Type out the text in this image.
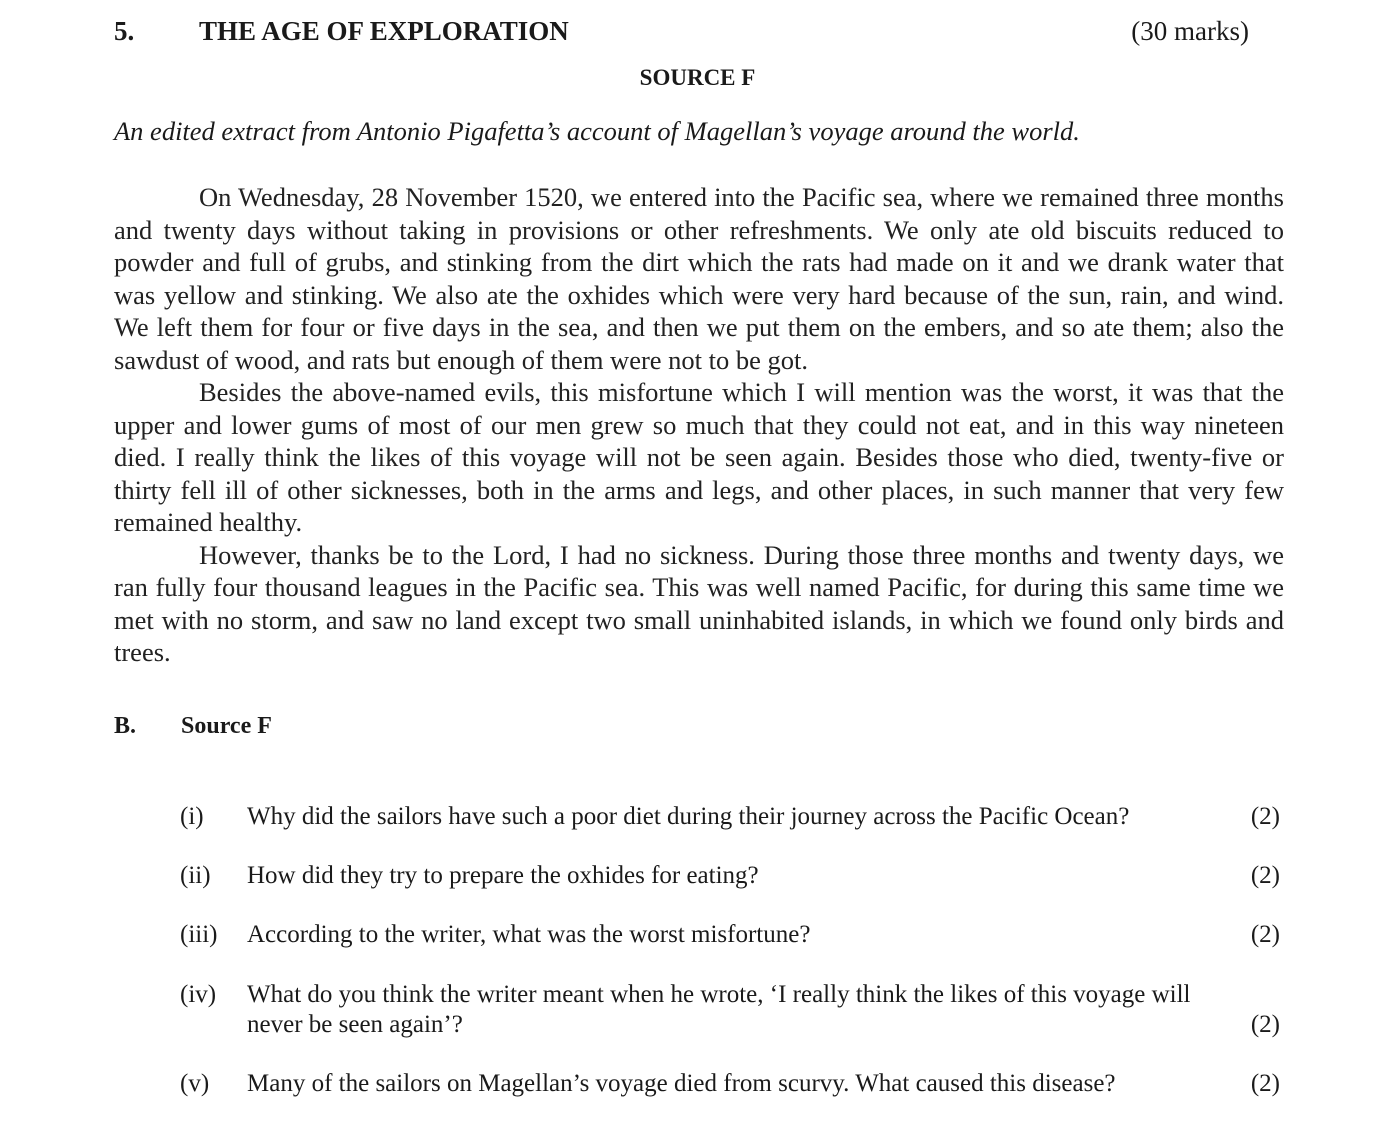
5. THE AGE OF EXPLORATION	(30 marks)
SOURCE F
An edited extract from Antonio Pigafetta’s account of Magellan’s voyage around the world.

On Wednesday, 28 November 1520, we entered into the Pacific sea, where we remained three months and twenty days without taking in provisions or other refreshments. We only ate old biscuits reduced to powder and full of grubs, and stinking from the dirt which the rats had made on it and we drank water that was yellow and stinking. We also ate the oxhides which were very hard because of the sun, rain, and wind. We left them for four or five days in the sea, and then we put them on the embers, and so ate them; also the sawdust of wood, and rats but enough of them were not to be got.

Besides the above-named evils, this misfortune which I will mention was the worst, it was that the upper and lower gums of most of our men grew so much that they could not eat, and in this way nineteen died. I really think the likes of this voyage will not be seen again. Besides those who died, twenty-five or thirty fell ill of other sicknesses, both in the arms and legs, and other places, in such manner that very few remained healthy.

However, thanks be to the Lord, I had no sickness. During those three months and twenty days, we ran fully four thousand leagues in the Pacific sea. This was well named Pacific, for during this same time we met with no storm, and saw no land except two small uninhabited islands, in which we found only birds and trees.

B. Source F
(i) Why did the sailors have such a poor diet during their journey across the Pacific Ocean?	(2)
(ii) How did they try to prepare the oxhides for eating?	(2)
(iii) According to the writer, what was the worst misfortune?	(2)
(iv) What do you think the writer meant when he wrote, ‘I really think the likes of this voyage will never be seen again’?	(2)
(v) Many of the sailors on Magellan’s voyage died from scurvy. What caused this disease?	(2)
